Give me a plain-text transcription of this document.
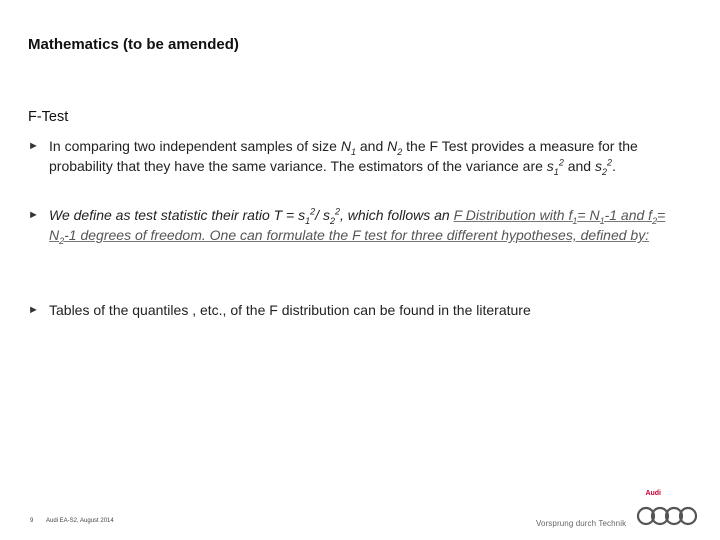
Mathematics (to be amended)
F-Test
► In comparing two independent samples of size $N_1$ and $N_2$ the F Test provides a measure for the probability that they have the same variance. The estimators of the variance are $s_1^2$ and $s_2^2$.
► We define as test statistic their ratio $T = s_1^2/$ $s_2^2$, which follows an F Distribution with $f_1= N_1-1$ and $f_2= N_2-1$ degrees of freedom. One can formulate the F test for three different hypotheses, defined by:
► Tables of the quantiles , etc., of the F distribution can be found in the literature
9 Audi EA-S2, August 2014
Audi
Vorsprung durch Technik
